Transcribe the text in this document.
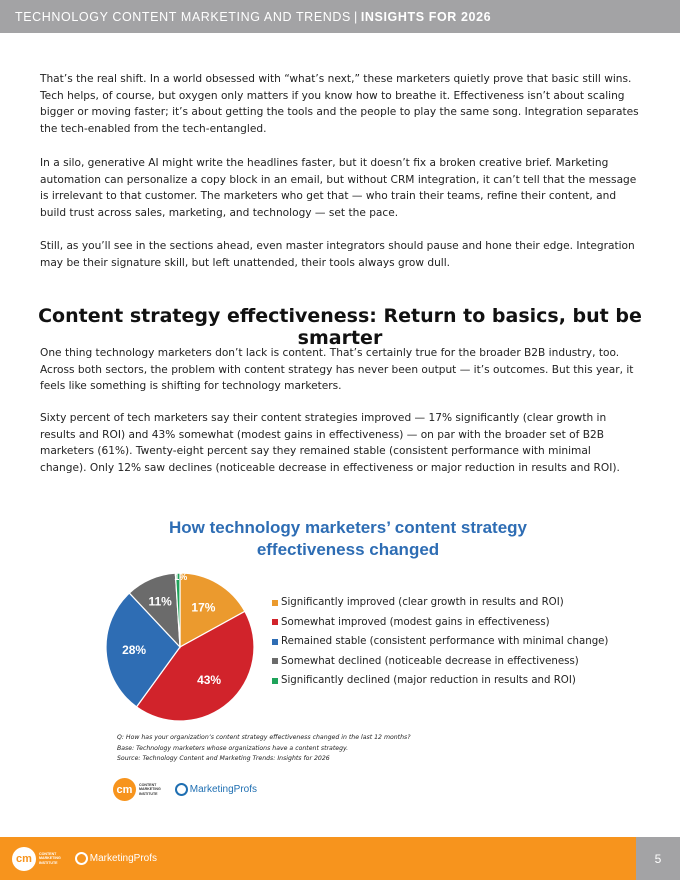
TECHNOLOGY CONTENT MARKETING AND TRENDS | INSIGHTS FOR 2026

That’s the real shift. In a world obsessed with “what’s next,” these marketers quietly prove that basic still wins. Tech helps, of course, but oxygen only matters if you know how to breathe it. Effectiveness isn’t about scaling bigger or moving faster; it’s about getting the tools and the people to play the same song. Integration separates the tech-enabled from the tech-entangled.

In a silo, generative AI might write the headlines faster, but it doesn’t fix a broken creative brief. Marketing automation can personalize a copy block in an email, but without CRM integration, it can’t tell that the message is irrelevant to that customer. The marketers who get that — who train their teams, refine their content, and build trust across sales, marketing, and technology — set the pace.

Still, as you’ll see in the sections ahead, even master integrators should pause and hone their edge. Integration may be their signature skill, but left unattended, their tools always grow dull.

Content strategy effectiveness: Return to basics, but be smarter

One thing technology marketers don’t lack is content. That’s certainly true for the broader B2B industry, too. Across both sectors, the problem with content strategy has never been output — it’s outcomes. But this year, it feels like something is shifting for technology marketers.

Sixty percent of tech marketers say their content strategies improved — 17% significantly (clear growth in results and ROI) and 43% somewhat (modest gains in effectiveness) — on par with the broader set of B2B marketers (61%). Twenty-eight percent say they remained stable (consistent performance with minimal change). Only 12% saw declines (noticeable decrease in effectiveness or major reduction in results and ROI).

How technology marketers’ content strategy effectiveness changed
17%
43%
28%
11%
1%
Significantly improved (clear growth in results and ROI)
Somewhat improved (modest gains in effectiveness)
Remained stable (consistent performance with minimal change)
Somewhat declined (noticeable decrease in effectiveness)
Significantly declined (major reduction in results and ROI)
Q: How has your organization’s content strategy effectiveness changed in the last 12 months?
Base: Technology marketers whose organizations have a content strategy.
Source: Technology Content and Marketing Trends: Insights for 2026
cm	CONTENT
MARKETING
INSTITUTE	MarketingProfs
cm	CONTENT
MARKETING
INSTITUTE	MarketingProfs	5
